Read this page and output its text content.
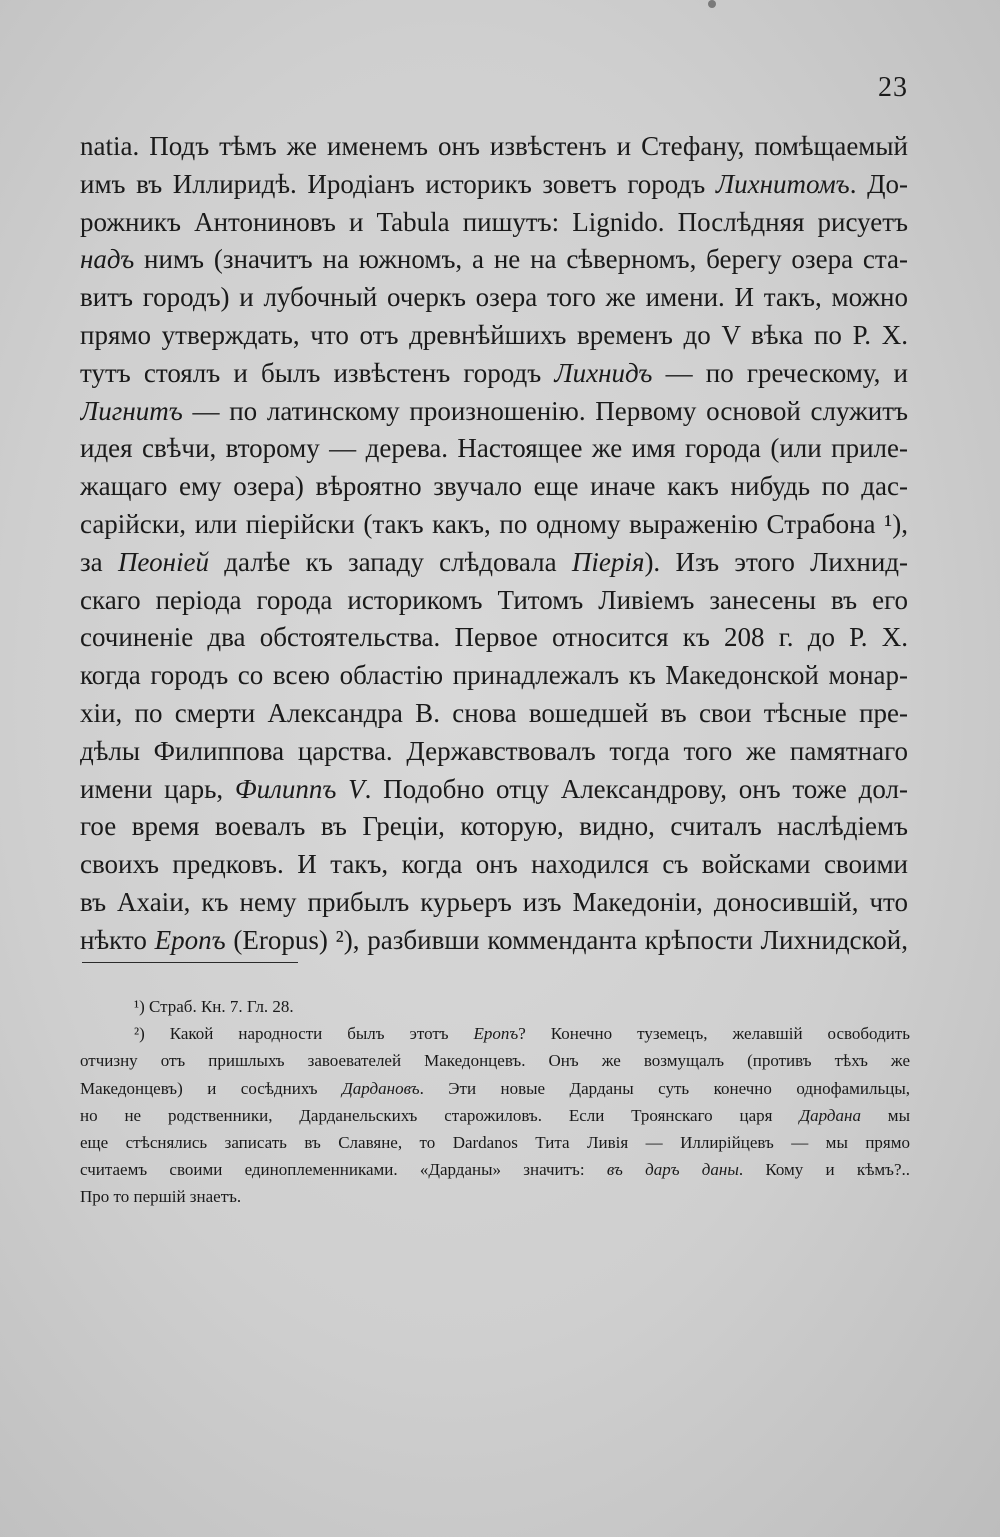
23
natia. Подъ тѣмъ же именемъ онъ извѣстенъ и Стефану, помѣщаемый
имъ въ Иллиридѣ. Иродiанъ историкъ зоветъ городъ Лихнитомъ. До-
рожникъ Антониновъ и Tabula пишутъ: Lignido. Послѣдняя рисуетъ
надъ нимъ (значитъ на южномъ, а не на сѣверномъ, берегу озера ста-
витъ городъ) и лубочный очеркъ озера того же имени. И такъ, можно
прямо утверждать, что отъ древнѣйшихъ временъ до V вѣка по Р. Х.
тутъ стоялъ и былъ извѣстенъ городъ Лихнидъ — по греческому, и
Лигнитъ — по латинскому произношенiю. Первому основой служитъ
идея свѣчи, второму — дерева. Настоящее же имя города (или приле-
жащаго ему озера) вѣроятно звучало еще иначе какъ нибудь по дас-
сарiйски, или пiерiйски (такъ какъ, по одному выраженiю Страбона ¹),
за Пеонiей далѣе къ западу слѣдовала Пiерiя). Изъ этого Лихнид-
скаго перiода города историкомъ Титомъ Ливiемъ занесены въ его
сочиненiе два обстоятельства. Первое относится къ 208 г. до Р. Х.
когда городъ со всею областiю принадлежалъ къ Македонской монар-
хiи, по смерти Александра В. снова вошедшей въ свои тѣсные пре-
дѣлы Филиппова царства. Державствовалъ тогда того же памятнаго
имени царь, Филиппъ V. Подобно отцу Александрову, онъ тоже дол-
гое время воевалъ въ Грецiи, которую, видно, считалъ наслѣдiемъ
своихъ предковъ. И такъ, когда онъ находился съ войсками своими
въ Ахаiи, къ нему прибылъ курьеръ изъ Македонiи, доносившiй, что
нѣкто Еропъ (Eropus) ²), разбивши комменданта крѣпости Лихнидской,
¹) Страб. Кн. 7. Гл. 28.
²) Какой народности былъ этотъ Еропъ? Конечно туземецъ, желавшiй освободить
отчизну отъ пришлыхъ завоевателей Македонцевъ. Онъ же возмущалъ (противъ тѣхъ же
Македонцевъ) и сосѣднихъ Дардановъ. Эти новые Дарданы суть конечно однофамильцы,
но не родственники, Дарданельскихъ старожиловъ. Если Троянскаго царя Дардана мы
еще стѣснялись записать въ Славяне, то Dardanos Тита Ливiя — Иллирiйцевъ — мы прямо
считаемъ своими единоплеменниками. «Дарданы» значитъ: въ даръ даны. Кому и кѣмъ?..
Про то першiй знаетъ.
